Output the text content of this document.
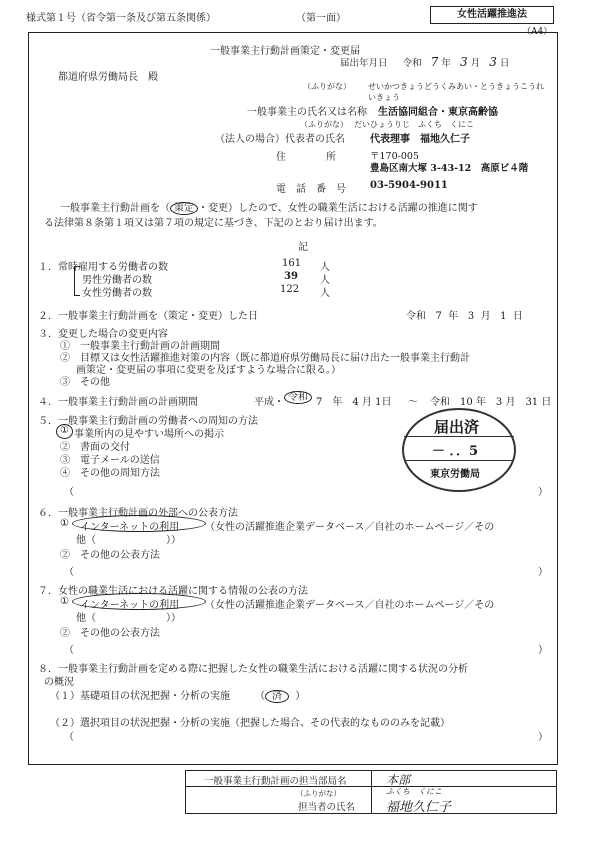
様式第１号（省令第一条及び第五条関係）	（第一面）	女性活躍推進法
（A4）
一般事業主行動計画策定・変更届
届出年月日 令和 7 年 3 月 3 日
都道府県労働局長　殿
（ふりがな） せいかつきょうどうくみあい・とうきょうこうれいきょう
一般事業主の氏名又は名称 生活協同組合・東京高齢協
（ふりがな） だいひょうりじ　ふくち　くにこ
（法人の場合）代表者の氏名	代表理事　福地久仁子
住　　　　所	〒170-005
豊島区南大塚 3-43-12　高原ビ４階
電　話　番　号 03-5904-9011
一般事業主行動計画を（ 策定 ・変更）したので、女性の職業生活における活躍の推進に関す
る法律第８条第１項又は第７項の規定に基づき、下記のとおり届け出ます。
記
１．常時雇用する労働者の数	161 人
男性労働者の数	39 人
女性労働者の数	122 人
２．一般事業主行動計画を（策定・変更）した日	令和 7 年 3 月 1 日
３．変更した場合の変更内容
①　一般事業主行動計画の計画期間
②　目標又は女性活躍推進対策の内容（既に都道府県労働局長に届け出た一般事業主行動計
画策定・変更届の事項に変更を及ぼすような場合に限る。）
③　その他
４．一般事業主行動計画の計画期間	平成・ 令和 7　年　4 月 1日 〜 令和　10 年　3 月　31 日
５．一般事業主行動計画の労働者への周知の方法
① 事業所内の見やすい場所への掲示
②　書面の交付
③　電子メールの送信
④　その他の周知方法
（	）
届出済
－ ．．5
東京労働局
６．一般事業主行動計画の外部への公表方法
① インターネットの利用	（女性の活躍推進企業データベース／自社のホームページ／その
他（　　　　　　　））
②　その他の公表方法
（	）
７．女性の職業生活における活躍に関する情報の公表の方法
① インターネットの利用	（女性の活躍推進企業データベース／自社のホームページ／その
他（　　　　　　　））
②　その他の公表方法
（	）
８．一般事業主行動計画を定める際に把握した女性の職業生活における活躍に関する状況の分析
の概況
（１）基礎項目の状況把握・分析の実施　　　（ 済 ）
（２）選択項目の状況把握・分析の実施（把握した場合、その代表的なもののみを記載）
（	）
一般事業主行動計画の担当部局名	本部
（ふりがな）	ふくち　くにこ
担当者の氏名 福地久仁子
